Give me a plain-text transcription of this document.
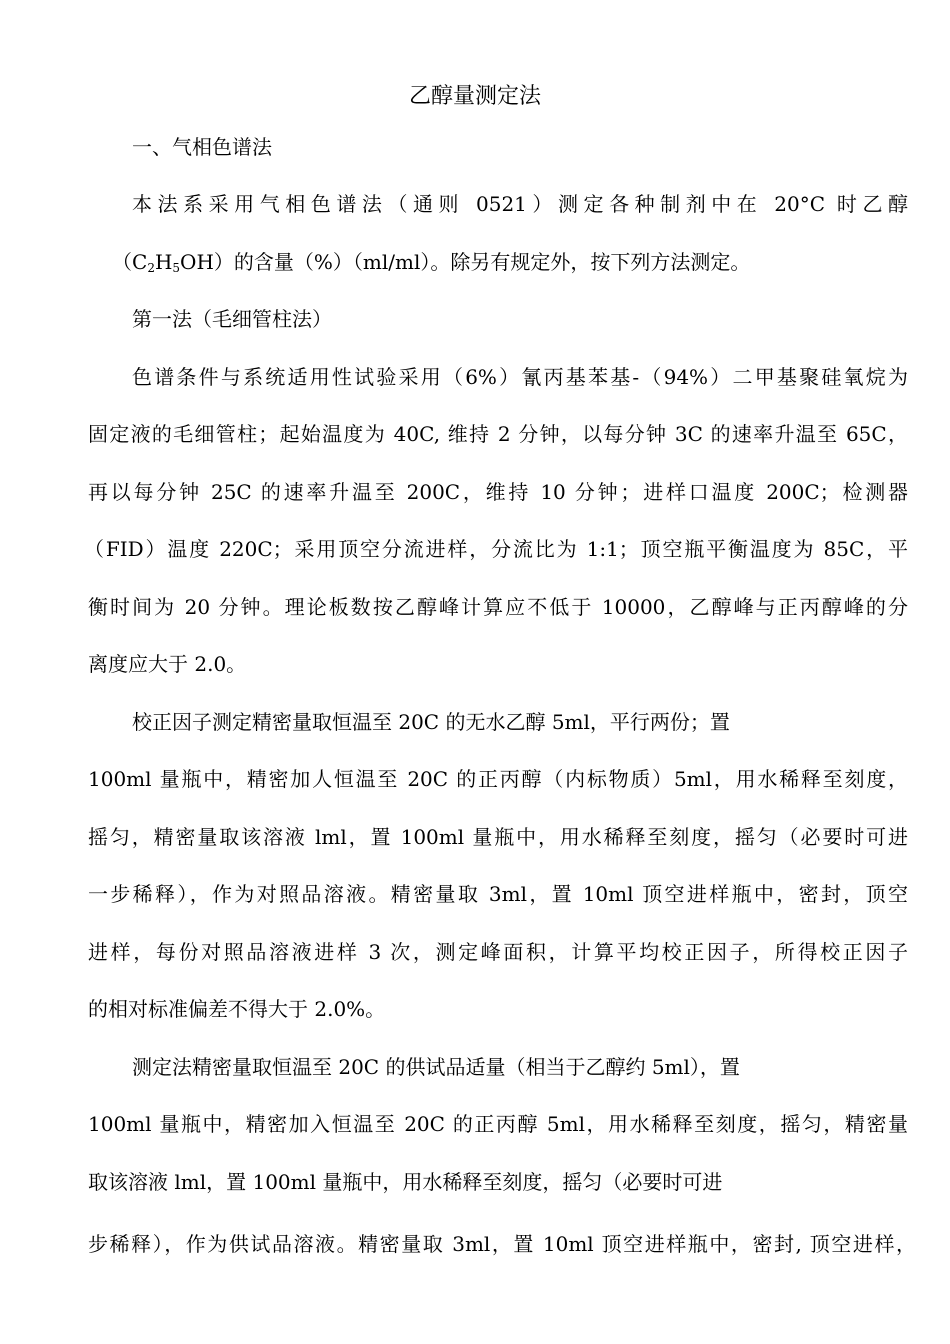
乙醇量测定法
一、气相色谱法
本法系采用气相色谱法（通则 0521）测定各种制剂中在 20°C 时乙醇
$(C_2H_5OH)$的含量（%）（ml/ml）。除另有规定外，按下列方法测定。
第一法（毛细管柱法）
色谱条件与系统适用性试验采用（6%）氰丙基苯基-（94%）二甲基聚硅氧烷为
固定液的毛细管柱；起始温度为 40C, 维持 2 分钟，以每分钟 3C 的速率升温至 65C，
再以每分钟 25C 的速率升温至 200C，维持 10 分钟；进样口温度 200C；检测器
（FID）温度 220C；采用顶空分流进样，分流比为 1:1；顶空瓶平衡温度为 85C，平
衡时间为 20 分钟。理论板数按乙醇峰计算应不低于 10000，乙醇峰与正丙醇峰的分
离度应大于 2.0。
校正因子测定精密量取恒温至 20C 的无水乙醇 5ml，平行两份；置
100ml 量瓶中，精密加人恒温至 20C 的正丙醇（内标物质）5ml，用水稀释至刻度，
摇匀，精密量取该溶液 lml，置 100ml 量瓶中，用水稀释至刻度，摇匀（必要时可进
一步稀释），作为对照品溶液。精密量取 3ml，置 10ml 顶空进样瓶中，密封，顶空
进样，每份对照品溶液进样 3 次，测定峰面积，计算平均校正因子，所得校正因子
的相对标准偏差不得大于 2.0%。
测定法精密量取恒温至 20C 的供试品适量（相当于乙醇约 5ml），置
100ml 量瓶中，精密加入恒温至 20C 的正丙醇 5ml，用水稀释至刻度，摇匀，精密量
取该溶液 lml，置 100ml 量瓶中，用水稀释至刻度，摇匀（必要时可进
步稀释），作为供试品溶液。精密量取 3ml，置 10ml 顶空进样瓶中，密封, 顶空进样，
